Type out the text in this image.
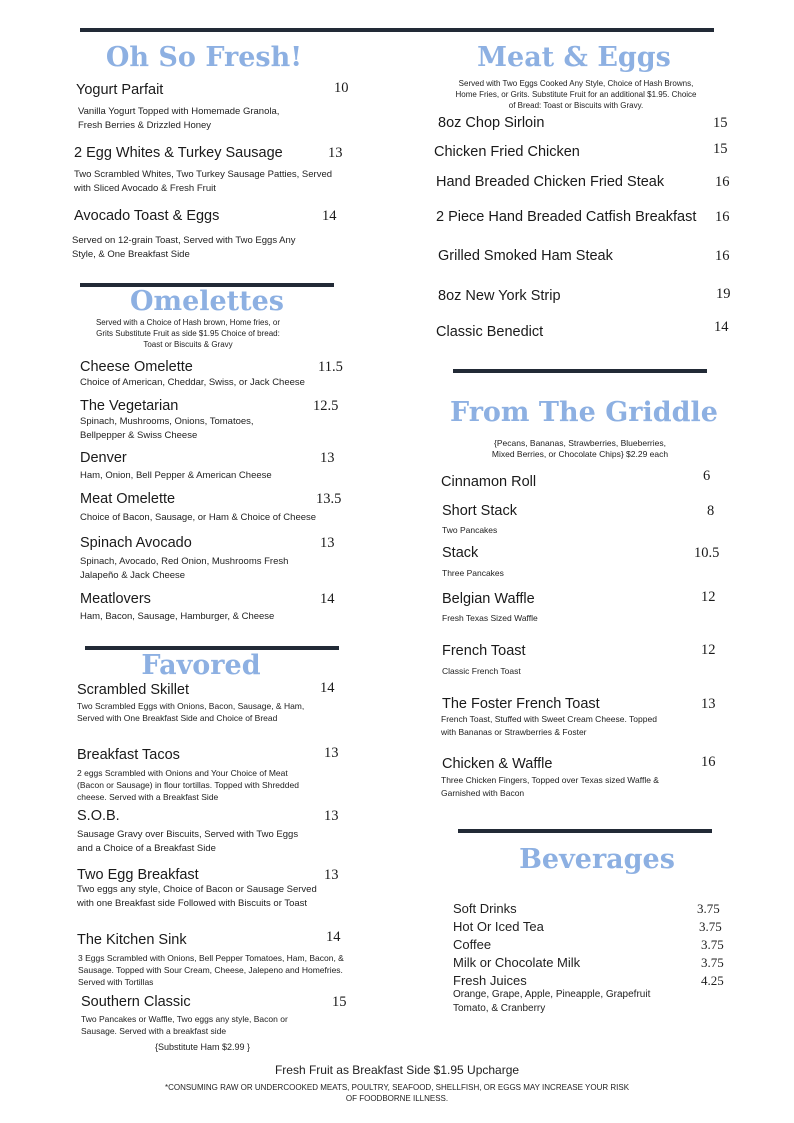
Oh So Fresh!
Yogurt Parfait	10
Vanilla Yogurt Topped with Homemade Granola, Fresh Berries & Drizzled Honey
2 Egg Whites & Turkey Sausage	13
Two Scrambled Whites, Two Turkey Sausage Patties, Served with Sliced Avocado & Fresh Fruit
Avocado Toast & Eggs	14
Served on 12-grain Toast, Served with Two Eggs Any Style, & One Breakfast Side
Omelettes
Served with a Choice of Hash brown, Home fries, or Grits Substitute Fruit as side $1.95 Choice of bread: Toast or Biscuits & Gravy
Cheese Omelette	11.5
Choice of American, Cheddar, Swiss, or Jack Cheese
The Vegetarian	12.5
Spinach, Mushrooms, Onions, Tomatoes, Bellpepper & Swiss Cheese
Denver	13
Ham, Onion, Bell Pepper & American Cheese
Meat Omelette	13.5
Choice of Bacon, Sausage, or Ham & Choice of Cheese
Spinach Avocado	13
Spinach, Avocado, Red Onion, Mushrooms Fresh Jalapeño & Jack Cheese
Meatlovers	14
Ham, Bacon, Sausage, Hamburger, & Cheese
Favored
Scrambled Skillet	14
Two Scrambled Eggs with Onions, Bacon, Sausage, & Ham, Served with One Breakfast Side and Choice of Bread
Breakfast Tacos	13
2 eggs Scrambled with Onions and Your Choice of Meat (Bacon or Sausage) in flour tortillas. Topped with Shredded cheese. Served with a Breakfast Side
S.O.B.	13
Sausage Gravy over Biscuits, Served with Two Eggs and a Choice of a Breakfast Side
Two Egg Breakfast	13
Two eggs any style, Choice of Bacon or Sausage Served with one Breakfast side Followed with Biscuits or Toast
The Kitchen Sink	14
3 Eggs Scrambled with Onions, Bell Pepper Tomatoes, Ham, Bacon, & Sausage. Topped with Sour Cream, Cheese, Jalepeno and Homefries. Served with Tortillas
Southern Classic	15
Two Pancakes or Waffle, Two eggs any style, Bacon or Sausage. Served with a breakfast side
{Substitute Ham $2.99 }
Meat & Eggs
Served with Two Eggs Cooked Any Style, Choice of Hash Browns, Home Fries, or Grits. Substitute Fruit for an additional $1.95. Choice of Bread: Toast or Biscuits with Gravy.
8oz Chop Sirloin	15
Chicken Fried Chicken	15
Hand Breaded Chicken Fried Steak	16
2 Piece Hand Breaded Catfish Breakfast 16
Grilled Smoked Ham Steak	16
8oz New York Strip	19
Classic Benedict	14
From The Griddle
{Pecans, Bananas, Strawberries, Blueberries, Mixed Berries, or Chocolate Chips} $2.29 each
Cinnamon Roll	6
Short Stack	8
Two Pancakes
Stack	10.5
Three Pancakes
Belgian Waffle	12
Fresh Texas Sized Waffle
French Toast	12
Classic French Toast
The Foster French Toast	13
French Toast, Stuffed with Sweet Cream Cheese. Topped with Bananas or Strawberries & Foster
Chicken & Waffle	16
Three Chicken Fingers, Topped over Texas sized Waffle & Garnished with Bacon
Beverages
Soft Drinks	3.75
Hot Or Iced Tea	3.75
Coffee	3.75
Milk or Chocolate Milk	3.75
Fresh Juices	4.25
Orange, Grape, Apple, Pineapple, Grapefruit Tomato, & Cranberry
Fresh Fruit as Breakfast Side $1.95 Upcharge
*CONSUMING RAW OR UNDERCOOKED MEATS, POULTRY, SEAFOOD, SHELLFISH, OR EGGS MAY INCREASE YOUR RISK OF FOODBORNE ILLNESS.
